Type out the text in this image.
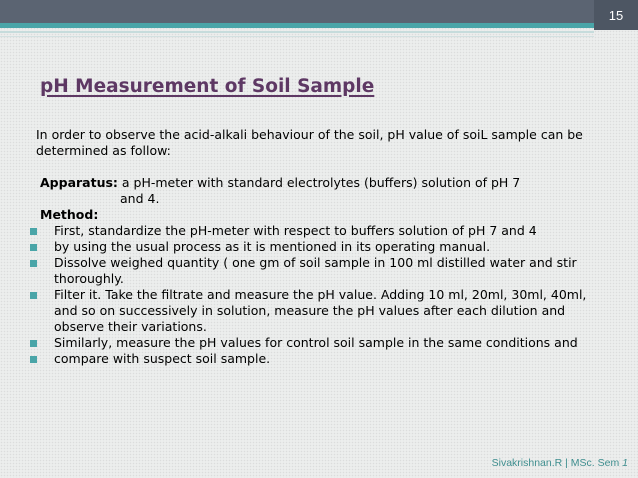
15
pH Measurement of Soil Sample

In order to observe the acid-alkali behaviour of the soil, pH value of soiL sample can be determined as follow:

Apparatus: a pH-meter with standard electrolytes (buffers) solution of pH 7

and 4.

Method:

First, standardize the pH-meter with respect to buffers solution of pH 7 and 4
by using the usual process as it is mentioned in its operating manual.
Dissolve weighed quantity ( one gm of soil sample in 100 ml distilled water and stir thoroughly.
Filter it. Take the filtrate and measure the pH value. Adding 10 ml, 20ml, 30ml, 40ml, and so on successively in solution, measure the pH values after each dilution and observe their variations.
Similarly, measure the pH values for control soil sample in the same conditions and
compare with suspect soil sample.
Sivakrishnan.R | MSc. Sem 1
